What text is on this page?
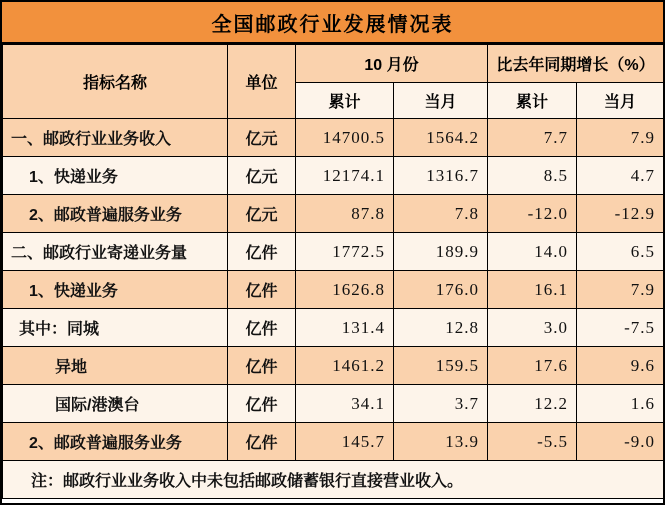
全国邮政行业发展情况表
指标名称	单位	10 月份		比去年同期增长（%）	
		累计	当月	累计	当月
一、邮政行业业务收入	亿元	14700.5	1564.2	7.7	7.9
1、快递业务	亿元	12174.1	1316.7	8.5	4.7
2、邮政普遍服务业务	亿元	87.8	7.8	-12.0	-12.9
二、邮政行业寄递业务量	亿件	1772.5	189.9	14.0	6.5
1、快递业务	亿件	1626.8	176.0	16.1	7.9
其中：同城	亿件	131.4	12.8	3.0	-7.5
异地	亿件	1461.2	159.5	17.6	9.6
国际/港澳台	亿件	34.1	3.7	12.2	1.6
2、邮政普遍服务业务	亿件	145.7	13.9	-5.5	-9.0
注：邮政行业业务收入中未包括邮政储蓄银行直接营业收入。					
